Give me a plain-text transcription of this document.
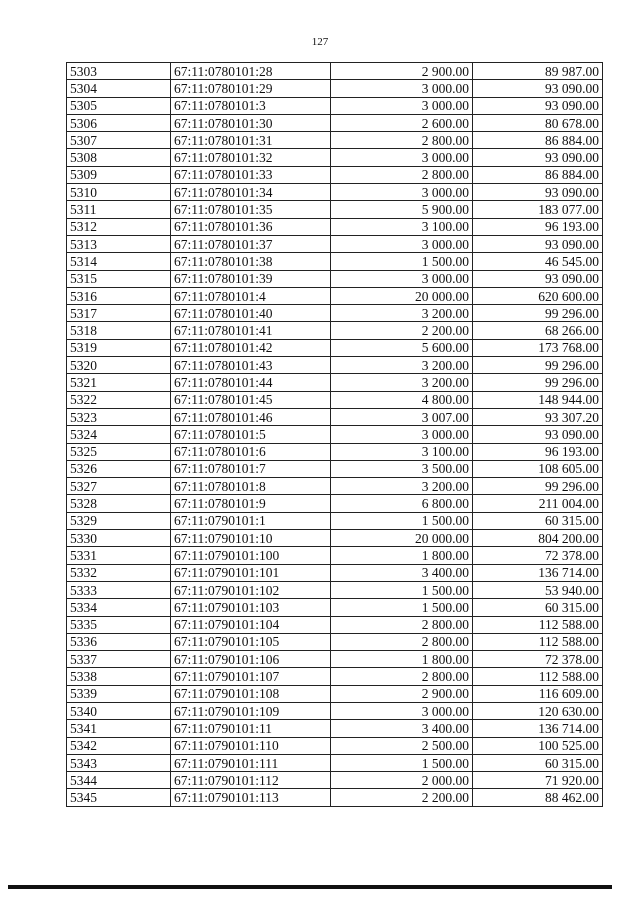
127
5303	67:11:0780101:28	2 900.00	89 987.00
5304	67:11:0780101:29	3 000.00	93 090.00
5305	67:11:0780101:3	3 000.00	93 090.00
5306	67:11:0780101:30	2 600.00	80 678.00
5307	67:11:0780101:31	2 800.00	86 884.00
5308	67:11:0780101:32	3 000.00	93 090.00
5309	67:11:0780101:33	2 800.00	86 884.00
5310	67:11:0780101:34	3 000.00	93 090.00
5311	67:11:0780101:35	5 900.00	183 077.00
5312	67:11:0780101:36	3 100.00	96 193.00
5313	67:11:0780101:37	3 000.00	93 090.00
5314	67:11:0780101:38	1 500.00	46 545.00
5315	67:11:0780101:39	3 000.00	93 090.00
5316	67:11:0780101:4	20 000.00	620 600.00
5317	67:11:0780101:40	3 200.00	99 296.00
5318	67:11:0780101:41	2 200.00	68 266.00
5319	67:11:0780101:42	5 600.00	173 768.00
5320	67:11:0780101:43	3 200.00	99 296.00
5321	67:11:0780101:44	3 200.00	99 296.00
5322	67:11:0780101:45	4 800.00	148 944.00
5323	67:11:0780101:46	3 007.00	93 307.20
5324	67:11:0780101:5	3 000.00	93 090.00
5325	67:11:0780101:6	3 100.00	96 193.00
5326	67:11:0780101:7	3 500.00	108 605.00
5327	67:11:0780101:8	3 200.00	99 296.00
5328	67:11:0780101:9	6 800.00	211 004.00
5329	67:11:0790101:1	1 500.00	60 315.00
5330	67:11:0790101:10	20 000.00	804 200.00
5331	67:11:0790101:100	1 800.00	72 378.00
5332	67:11:0790101:101	3 400.00	136 714.00
5333	67:11:0790101:102	1 500.00	53 940.00
5334	67:11:0790101:103	1 500.00	60 315.00
5335	67:11:0790101:104	2 800.00	112 588.00
5336	67:11:0790101:105	2 800.00	112 588.00
5337	67:11:0790101:106	1 800.00	72 378.00
5338	67:11:0790101:107	2 800.00	112 588.00
5339	67:11:0790101:108	2 900.00	116 609.00
5340	67:11:0790101:109	3 000.00	120 630.00
5341	67:11:0790101:11	3 400.00	136 714.00
5342	67:11:0790101:110	2 500.00	100 525.00
5343	67:11:0790101:111	1 500.00	60 315.00
5344	67:11:0790101:112	2 000.00	71 920.00
5345	67:11:0790101:113	2 200.00	88 462.00
